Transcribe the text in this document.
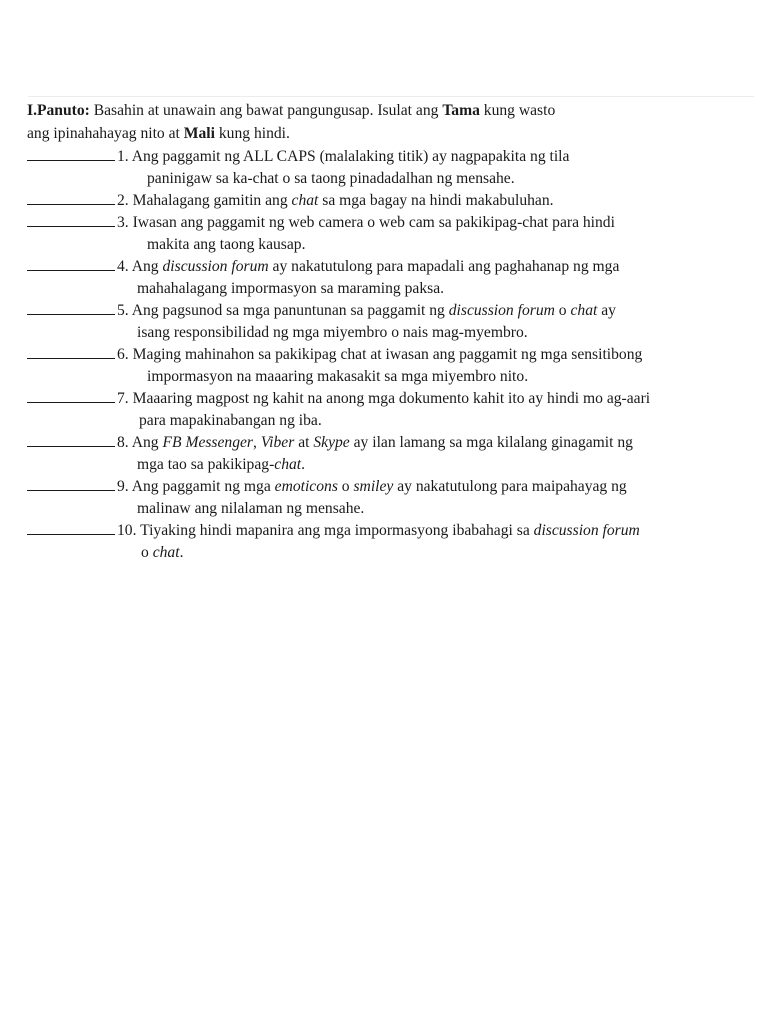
I.Panuto: Basahin at unawain ang bawat pangungusap. Isulat ang Tama kung wasto
ang ipinahahayag nito at Mali kung hindi.
1. Ang paggamit ng ALL CAPS (malalaking titik) ay nagpapakita ng tila
paninigaw sa ka-chat o sa taong pinadadalhan ng mensahe.
2. Mahalagang gamitin ang chat sa mga bagay na hindi makabuluhan.
3. Iwasan ang paggamit ng web camera o web cam sa pakikipag-chat para hindi
makita ang taong kausap.
4. Ang discussion forum ay nakatutulong para mapadali ang paghahanap ng mga
mahahalagang impormasyon sa maraming paksa.
5. Ang pagsunod sa mga panuntunan sa paggamit ng discussion forum o chat ay
isang responsibilidad ng mga miyembro o nais mag-myembro.
6. Maging mahinahon sa pakikipag chat at iwasan ang paggamit ng mga sensitibong
impormasyon na maaaring makasakit sa mga miyembro nito.
7. Maaaring magpost ng kahit na anong mga dokumento kahit ito ay hindi mo ag-aari
para mapakinabangan ng iba.
8. Ang FB Messenger, Viber at Skype ay ilan lamang sa mga kilalang ginagamit ng
mga tao sa pakikipag-chat.
9. Ang paggamit ng mga emoticons o smiley ay nakatutulong para maipahayag ng
malinaw ang nilalaman ng mensahe.
10. Tiyaking hindi mapanira ang mga impormasyong ibabahagi sa discussion forum
o chat.
